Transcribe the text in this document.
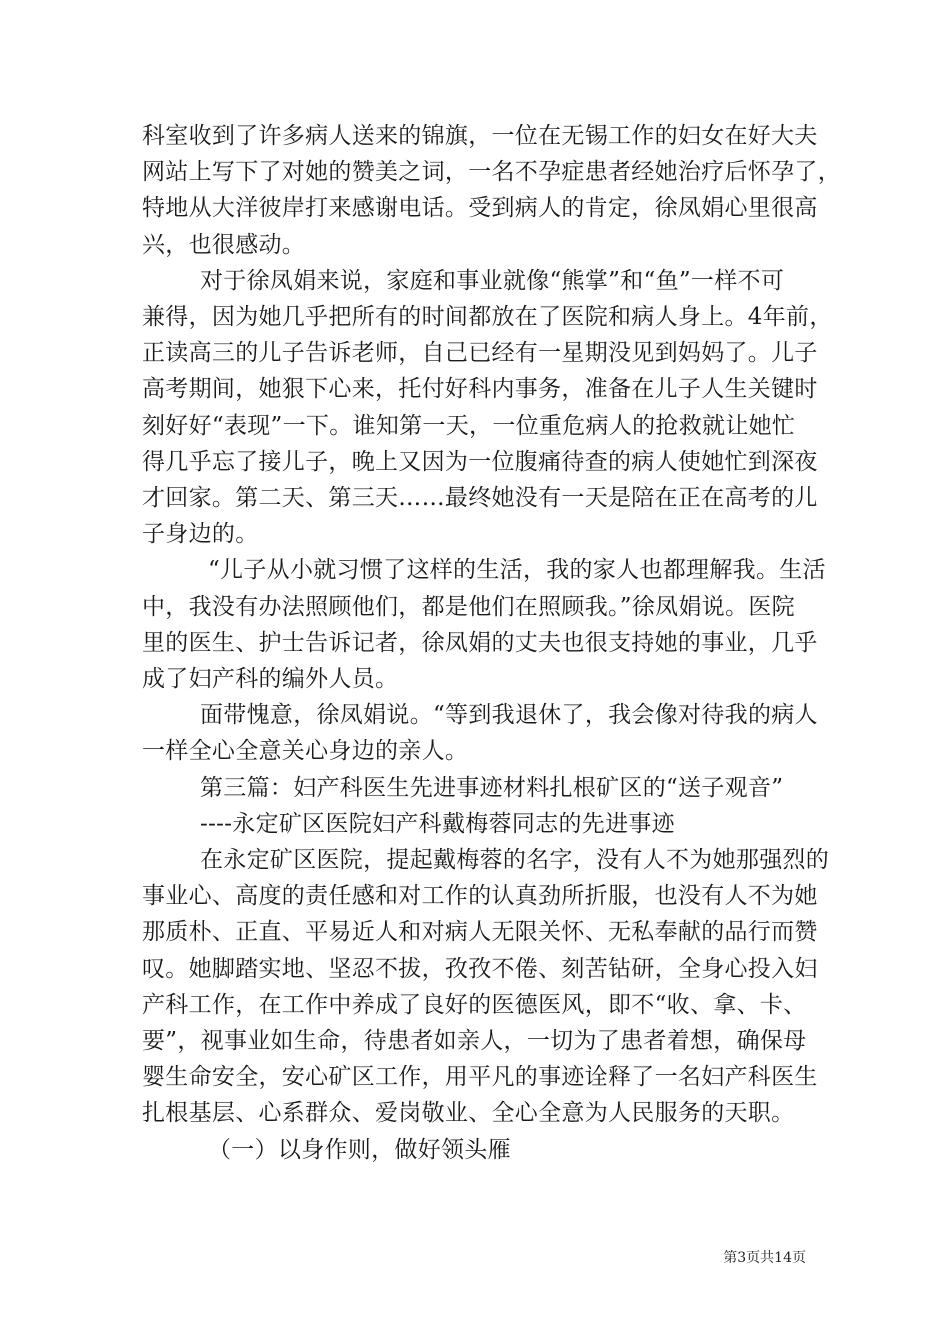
科室收到了许多病人送来的锦旗，一位在无锡工作的妇女在好大夫
网站上写下了对她的赞美之词，一名不孕症患者经她治疗后怀孕了，
特地从大洋彼岸打来感谢电话。受到病人的肯定，徐凤娟心里很高
兴，也很感动。

对于徐凤娟来说，家庭和事业就像“熊掌”和“鱼”一样不可
兼得，因为她几乎把所有的时间都放在了医院和病人身上。4年前，
正读高三的儿子告诉老师，自己已经有一星期没见到妈妈了。儿子
高考期间，她狠下心来，托付好科内事务，准备在儿子人生关键时
刻好好“表现”一下。谁知第一天，一位重危病人的抢救就让她忙
得几乎忘了接儿子，晚上又因为一位腹痛待查的病人使她忙到深夜
才回家。第二天、第三天……最终她没有一天是陪在正在高考的儿
子身边的。

“儿子从小就习惯了这样的生活，我的家人也都理解我。生活
中，我没有办法照顾他们，都是他们在照顾我。”徐凤娟说。医院
里的医生、护士告诉记者，徐凤娟的丈夫也很支持她的事业，几乎
成了妇产科的编外人员。

面带愧意，徐凤娟说。“等到我退休了，我会像对待我的病人
一样全心全意关心身边的亲人。

第三篇：妇产科医生先进事迹材料扎根矿区的“送子观音”

----永定矿区医院妇产科戴梅蓉同志的先进事迹

在永定矿区医院，提起戴梅蓉的名字，没有人不为她那强烈的
事业心、高度的责任感和对工作的认真劲所折服，也没有人不为她
那质朴、正直、平易近人和对病人无限关怀、无私奉献的品行而赞
叹。她脚踏实地、坚忍不拔，孜孜不倦、刻苦钻研，全身心投入妇
产科工作，在工作中养成了良好的医德医风，即不“收、拿、卡、
要”，视事业如生命，待患者如亲人，一切为了患者着想，确保母
婴生命安全，安心矿区工作，用平凡的事迹诠释了一名妇产科医生
扎根基层、心系群众、爱岗敬业、全心全意为人民服务的天职。

（一）以身作则，做好领头雁

第3页共14页
